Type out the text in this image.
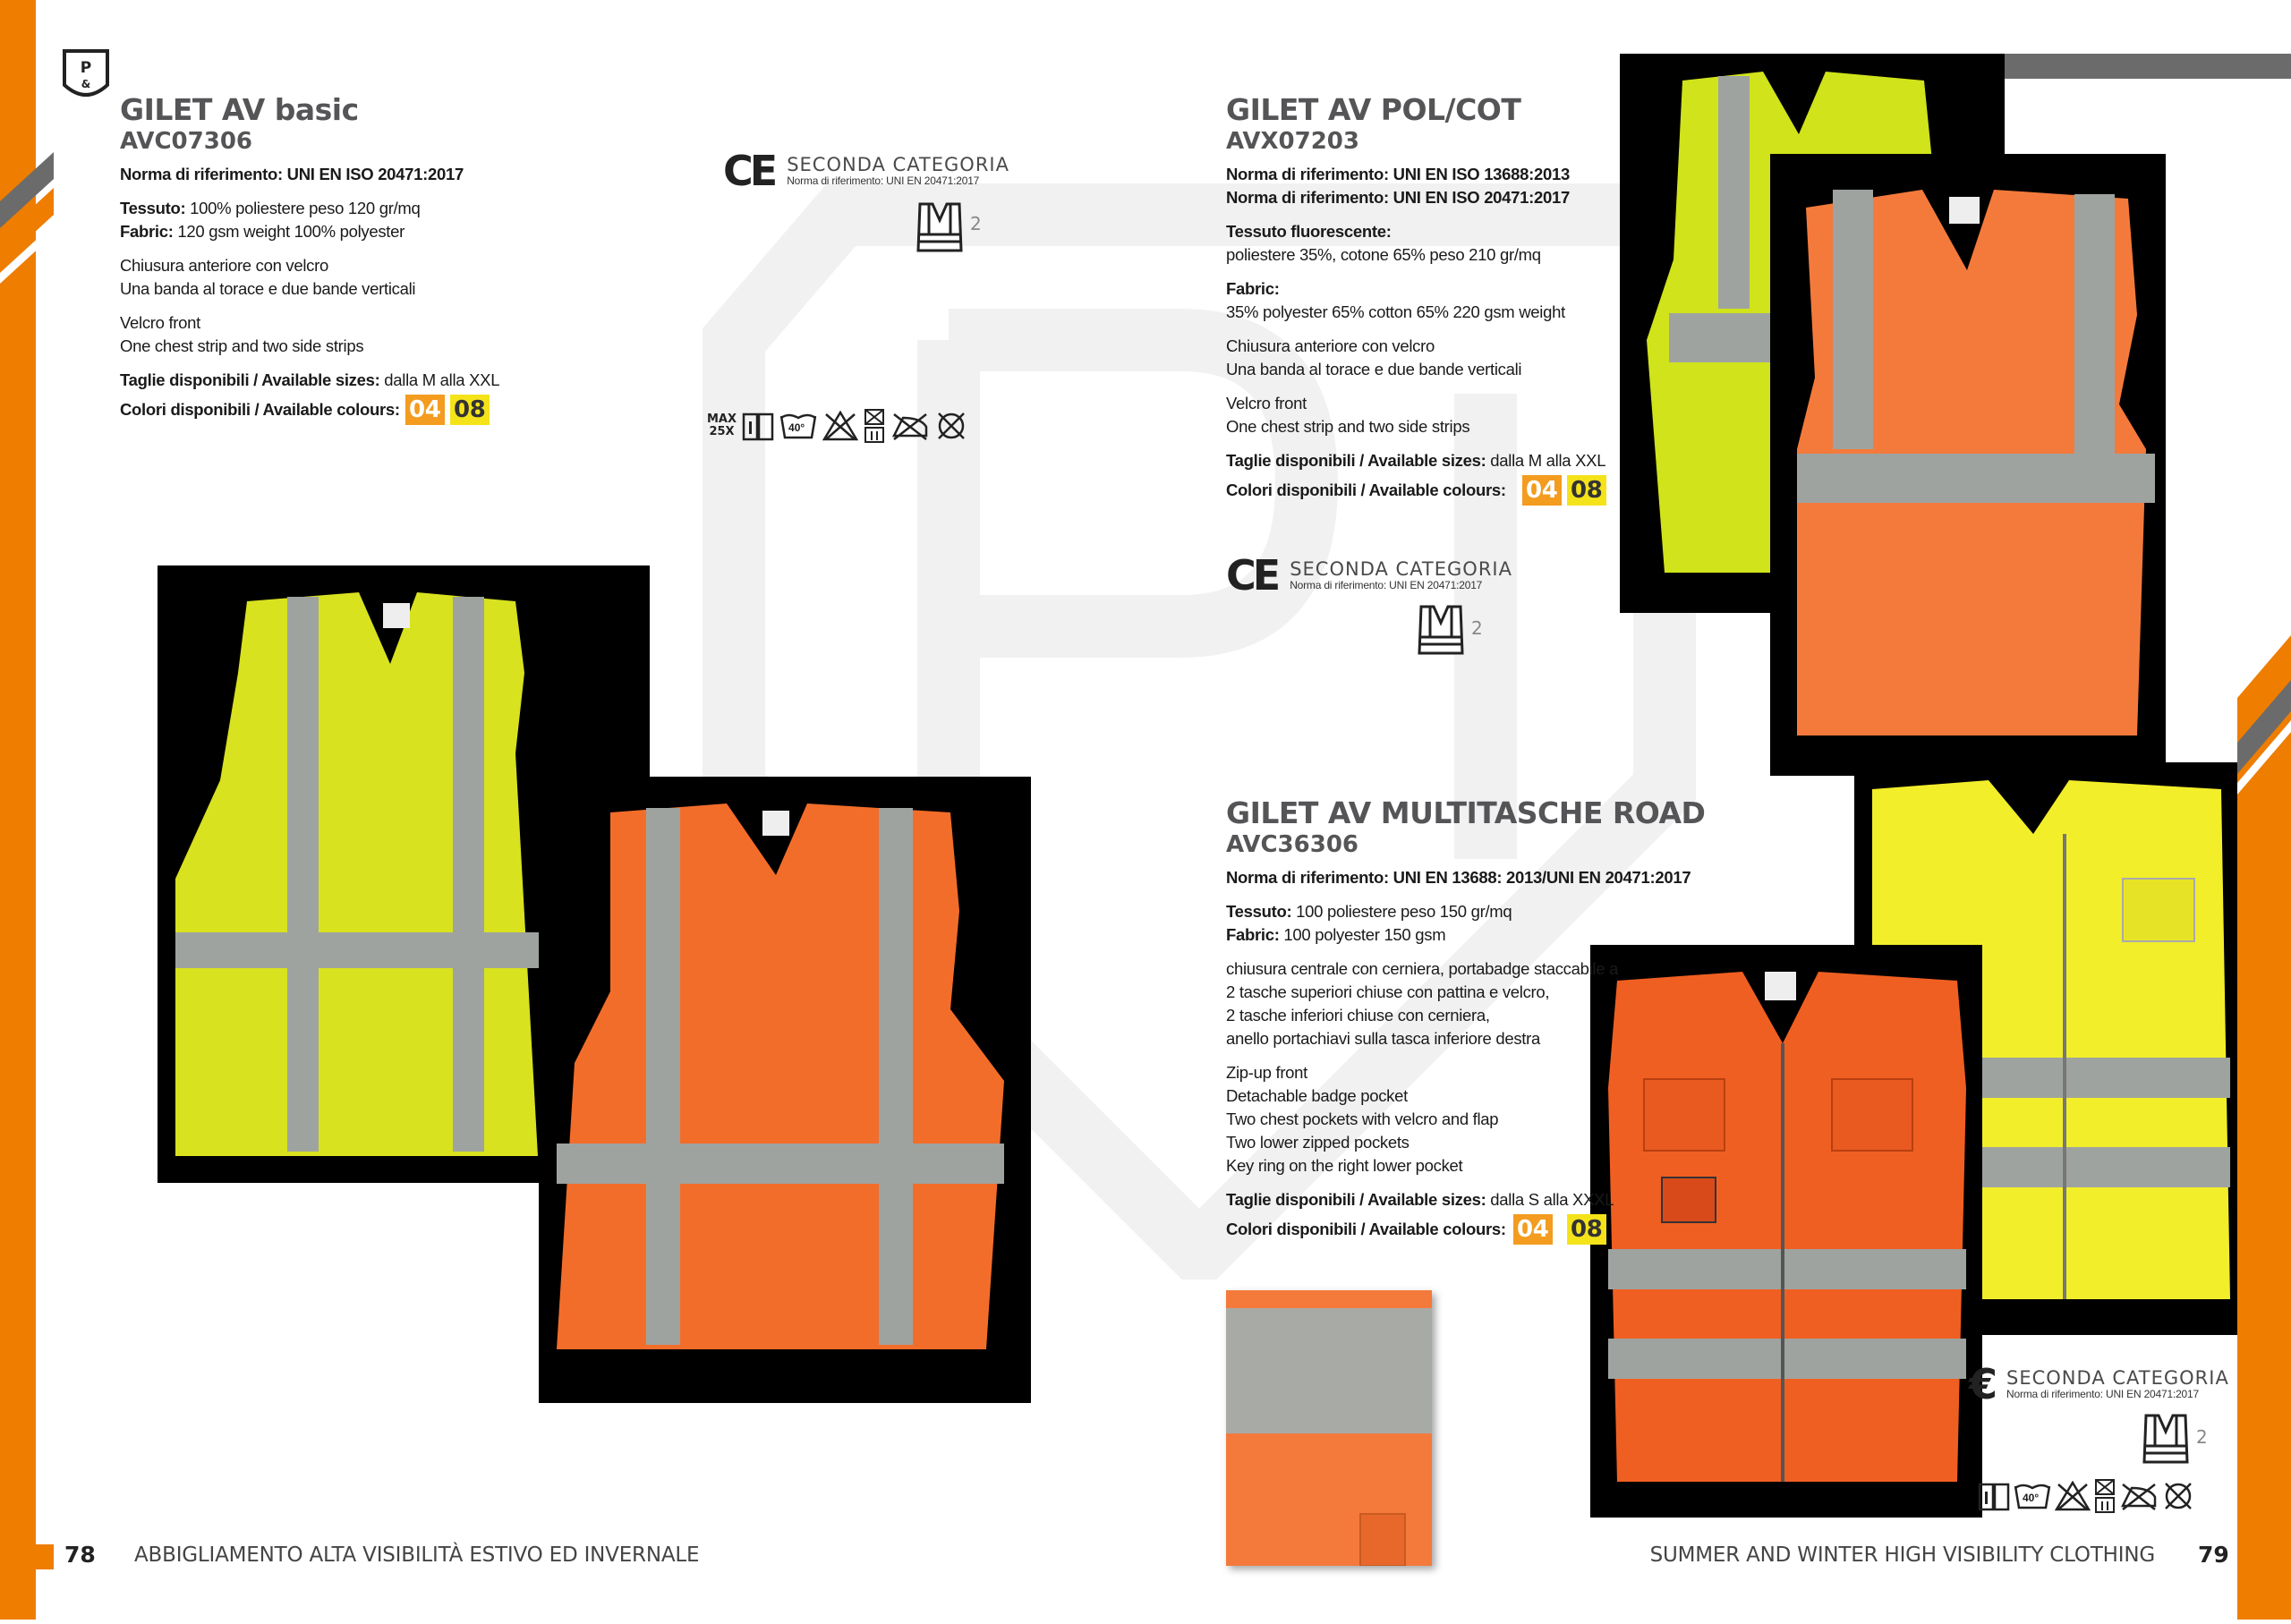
P
&
GILET AV basic
AVC07306
Norma di riferimento: UNI EN ISO 20471:2017
Tessuto: 100% poliestere peso 120 gr/mq
Fabric: 120 gsm weight 100% polyester
Chiusura anteriore con velcro
Una banda al torace e due bande verticali
Velcro front
One chest strip and two side strips
Taglie disponibili / Available sizes: dalla M alla XXL
Colori disponibili / Available colours: 04 08
CE SECONDA CATEGORIA
Norma di riferimento: UNI EN 20471:2017
2
MAX
25X	40°
78 ABBIGLIAMENTO ALTA VISIBILITÀ ESTIVO ED INVERNALE
GILET AV POL/COT
AVX07203
Norma di riferimento: UNI EN ISO 13688:2013
Norma di riferimento: UNI EN ISO 20471:2017
Tessuto fluorescente:
poliestere 35%, cotone 65% peso 210 gr/mq
Fabric:
35% polyester 65% cotton 65% 220 gsm weight
Chiusura anteriore con velcro
Una banda al torace e due bande verticali
Velcro front
One chest strip and two side strips
Taglie disponibili / Available sizes: dalla M alla XXL
Colori disponibili / Available colours: 04 08
CE SECONDA CATEGORIA
Norma di riferimento: UNI EN 20471:2017
2
GILET AV MULTITASCHE ROAD
AVC36306
Norma di riferimento: UNI EN 13688: 2013/UNI EN 20471:2017
Tessuto: 100 poliestere peso 150 gr/mq
Fabric: 100 polyester 150 gsm
chiusura centrale con cerniera, portabadge staccabile a
2 tasche superiori chiuse con pattina e velcro,
2 tasche inferiori chiuse con cerniera,
anello portachiavi sulla tasca inferiore destra
Zip-up front
Detachable badge pocket
Two chest pockets with velcro and flap
Two lower zipped pockets
Key ring on the right lower pocket
Taglie disponibili / Available sizes: dalla S alla XXXL
Colori disponibili / Available colours: 04 08
€ SECONDA CATEGORIA
Norma di riferimento: UNI EN 20471:2017
2
40°
SUMMER AND WINTER HIGH VISIBILITY CLOTHING 79
